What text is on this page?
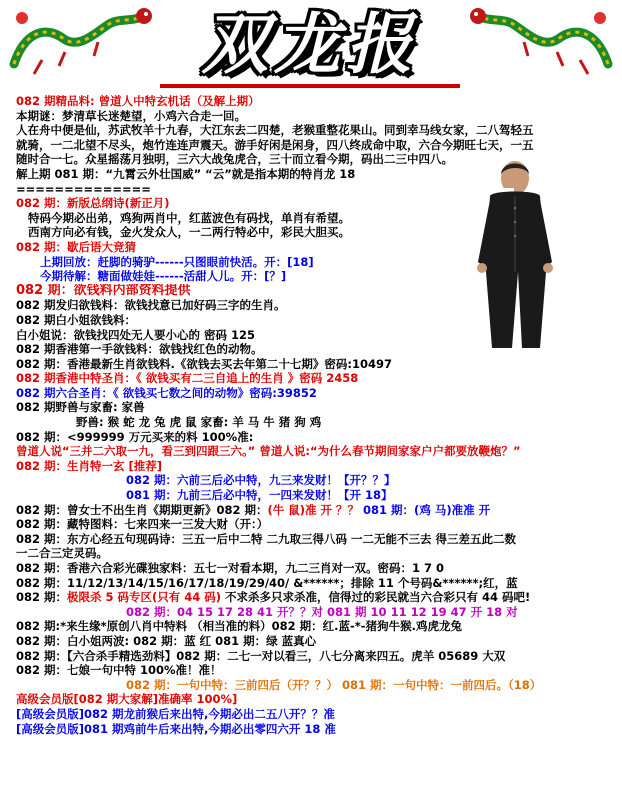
双龙报
082 期精品料: 曾道人中特玄机话（及解上期）
本期谜：梦清草长迷楚望，小鸡六合走一回。
人在舟中便是仙，苏武牧羊十九春，大江东去二四楚，老猴重整花果山。同到幸马线女家，二八驾轻五
就骑，一二北望不尽头，炮竹连连声震天。游手好闲是闲身，四八终成命中取，六合今期旺七天，一五
随时合一七。众星摇荡月独明，三六大战兔虎合，三十而立看今期，码出二三中四八。
解上期 081 期：“九霄云外壮国威” “云”就是指本期的特肖龙 18
==============
082 期：新版总纲诗(新正月)
特码今期必出弟，鸡狗两肖中，红蓝波色有码找，单肖有希望。
西南方向必有钱，金火发众人，一二两行特必中，彩民大胆买。
082 期：歇后语大竞猜
上期回放：赶脚的骑驴------只图眼前快活。开：[18]
今期待解：糖面做娃娃------活甜人儿。开：[？]
082 期：欲钱料内部资料提供
082 期发归欲钱料：欲钱找意已加好码三字的生肖。
082 期白小姐欲钱料：
白小姐说：欲钱找四处无人要小心的 密码 125
082 期香港第一手欲钱料：欲钱找红色的动物。
082 期：香港最新生肖欲钱料.《欲钱去买去年第二十七期》密码:10497
082 期香港中特圣肖：《 欲钱买有二三自追上的生肖 》密码 2458
082 期六合圣肖：《 欲钱买七数之间的动物》密码:39852
082 期野兽与家畜: 家兽
野兽: 猴 蛇 龙 兔 虎 鼠 家畜: 羊 马 牛 猪 狗 鸡
082 期：<999999 万元买来的料 100%准:
曾道人说“三并二六取一九，看三到四跟三六。” 曾道人说:“为什么春节期间家家户户都要放鞭炮？”
082 期：生肖特一玄 [推荐]
082 期：六前三后必中特，九三来发财！【开？？】
081 期：九前三后必中特，一四来发财！【开 18】
082 期：曾女士不出生肖《期期更新》082 期：(牛 鼠)准 开 ？？ 081 期：(鸡 马)准准 开
082 期：藏特图料：七来四来一三发大财（开：）
082 期：东方心经五句现码诗：三五一后中二特 二九取三得八码 一二无能不三去 得三差五此二数
一二合三定灵码。
082 期：香港六合彩光碟独家料：五七一对看本期，九二三肖对一双。密码：1 7 0
082 期：11/12/13/14/15/16/17/18/19/29/40/ &******；排除 11 个号码&******;红，蓝
082 期：极限杀 5 码专区(只有 44 码) 不求杀多只求杀准，信得过的彩民就当六合彩只有 44 码吧!
082 期：04 15 17 28 41 开？？对 081 期 10 11 12 19 47 开 18 对
082 期:*来生缘*原创八肖中特料 （相当准的料）082 期：红.蓝-*-猪狗牛猴.鸡虎龙兔
082 期：白小姐两波: 082 期：蓝 红 081 期：绿 蓝真心
082 期：【六合杀手精选劲料】082 期：二七一对以看三，八七分离来四五。虎羊 05689 大双
082 期：七娘一句中特 100%准！准！
082 期：一句中特：三前四后（开？？） 081 期：一句中特：一前四后。（18）
高级会员版[082 期大家解]准确率 100%]
[高级会员版]082 期龙前猴后来出特,今期必出二五八开？？准
[高级会员版]081 期鸡前牛后来出特,今期必出零四六开 18 准
